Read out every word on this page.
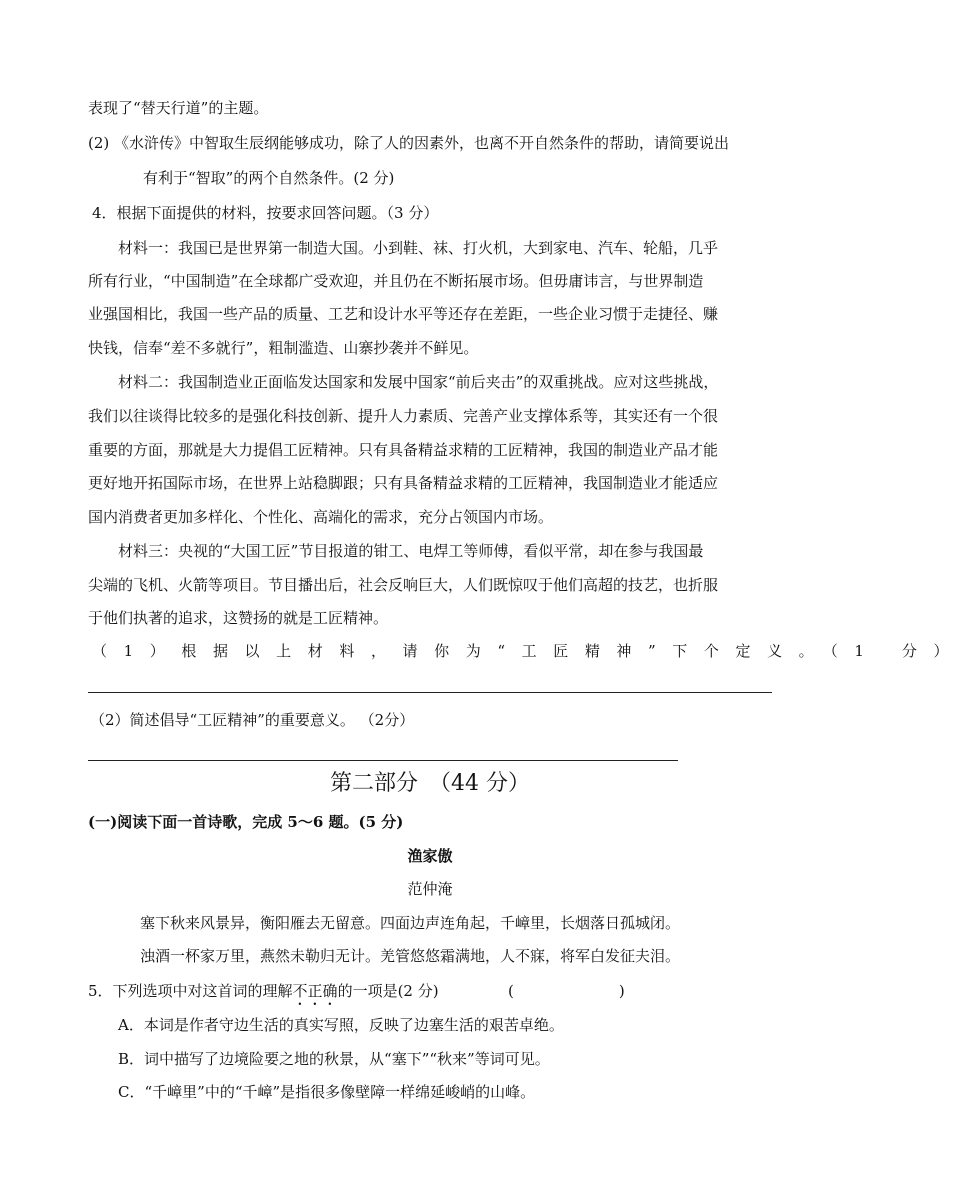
表现了“替天行道”的主题。
(2) 《水浒传》中智取生辰纲能够成功，除了人的因素外，也离不开自然条件的帮助，请简要说出
有利于“智取”的两个自然条件。(2 分)
4．根据下面提供的材料，按要求回答问题。（3 分）
材料一：我国已是世界第一制造大国。小到鞋、袜、打火机，大到家电、汽车、轮船，几乎
所有行业，“中国制造”在全球都广受欢迎，并且仍在不断拓展市场。但毋庸讳言，与世界制造
业强国相比，我国一些产品的质量、工艺和设计水平等还存在差距，一些企业习惯于走捷径、赚
快钱，信奉“差不多就行”，粗制滥造、山寨抄袭并不鲜见。
材料二：我国制造业正面临发达国家和发展中国家“前后夹击”的双重挑战。应对这些挑战，
我们以往谈得比较多的是强化科技创新、提升人力素质、完善产业支撑体系等，其实还有一个很
重要的方面，那就是大力提倡工匠精神。只有具备精益求精的工匠精神，我国的制造业产品才能
更好地开拓国际市场，在世界上站稳脚跟；只有具备精益求精的工匠精神，我国制造业才能适应
国内消费者更加多样化、个性化、高端化的需求，充分占领国内市场。
材料三：央视的“大国工匠”节目报道的钳工、电焊工等师傅，看似平常，却在参与我国最
尖端的飞机、火箭等项目。节目播出后，社会反响巨大，人们既惊叹于他们高超的技艺，也折服
于他们执著的追求，这赞扬的就是工匠精神。
（1）根据以上材料，请你为“工匠精神”下个定义。（1 分）
（2）简述倡导“工匠精神”的重要意义。 （2分）
第二部分　（44 分）
(一)阅读下面一首诗歌，完成 5～6 题。(5 分)
渔家傲
范仲淹
塞下秋来风景异，衡阳雁去无留意。四面边声连角起，千嶂里，长烟落日孤城闭。
浊酒一杯家万里，燕然未勒归无计。羌管悠悠霜满地，人不寐，将军白发征夫泪。
5．下列选项中对这首词的理解不正确的一项是(2 分)	(　　　　　　　)
A．本词是作者守边生活的真实写照，反映了边塞生活的艰苦卓绝。
B．词中描写了边境险要之地的秋景，从“塞下”“秋来”等词可见。
C．“千嶂里”中的“千嶂”是指很多像壁障一样绵延峻峭的山峰。
